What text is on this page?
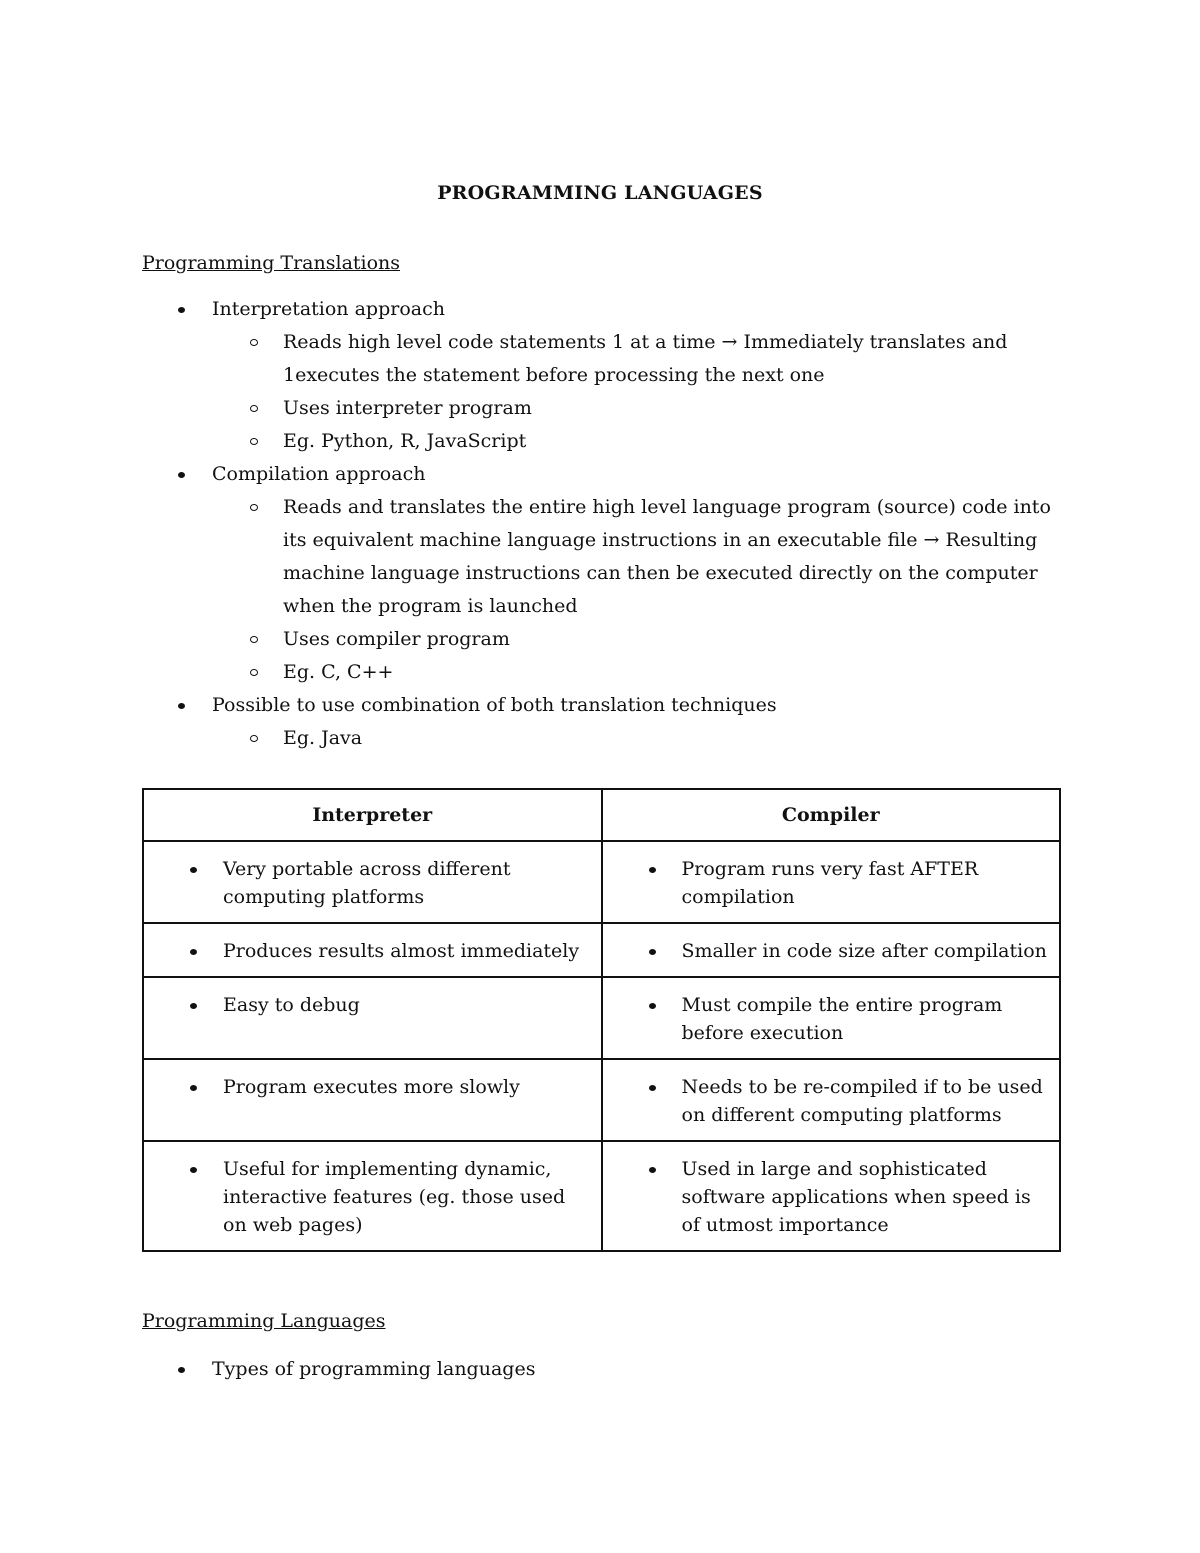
PROGRAMMING LANGUAGES
Programming Translations
Interpretation approach
Reads high level code statements 1 at a time → Immediately translates and 1executes the statement before processing the next one
Uses interpreter program
Eg. Python, R, JavaScript
Compilation approach
Reads and translates the entire high level language program (source) code into its equivalent machine language instructions in an executable file → Resulting machine language instructions can then be executed directly on the computer when the program is launched
Uses compiler program
Eg. C, C++
Possible to use combination of both translation techniques
Eg. Java
Interpreter	Compiler

Very portable across different computing platforms	Program runs very fast AFTER compilation

Produces results almost immediately	Smaller in code size after compilation

Easy to debug	Must compile the entire program before execution

Program executes more slowly	Needs to be re-compiled if to be used on different computing platforms

Useful for implementing dynamic, interactive features (eg. those used on web pages)	Used in large and sophisticated software applications when speed is of utmost importance
Programming Languages
Types of programming languages
